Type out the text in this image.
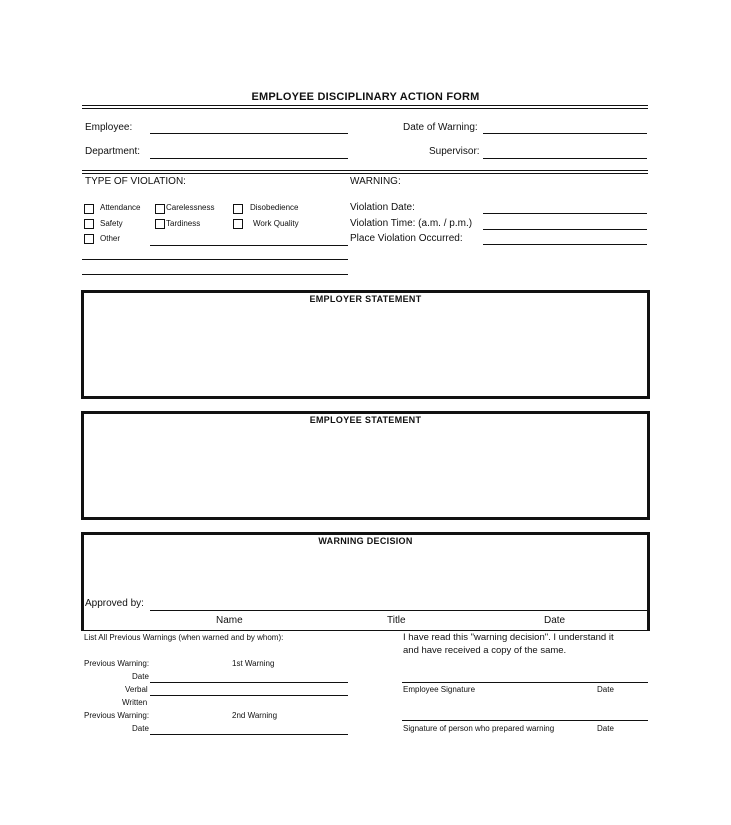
EMPLOYEE DISCIPLINARY ACTION FORM
Employee:	Date of Warning:
Department:	Supervisor:
TYPE OF VIOLATION:
Attendance	Carelessness	Disobedience
Safety	Tardiness	Work Quality
Other
WARNING:
Violation Date:
Violation Time: (a.m. / p.m.)
Place Violation Occurred:
EMPLOYER STATEMENT
EMPLOYEE STATEMENT
WARNING DECISION
Approved by:
Name	Title	Date
List All Previous Warnings (when warned and by whom):
Previous Warning:	1st Warning
Date
Verbal
Written
Previous Warning:	2nd Warning
Date
I have read this "warning decision". I understand it
and have received a copy of the same.
Employee Signature	Date
Signature of person who prepared warning	Date
